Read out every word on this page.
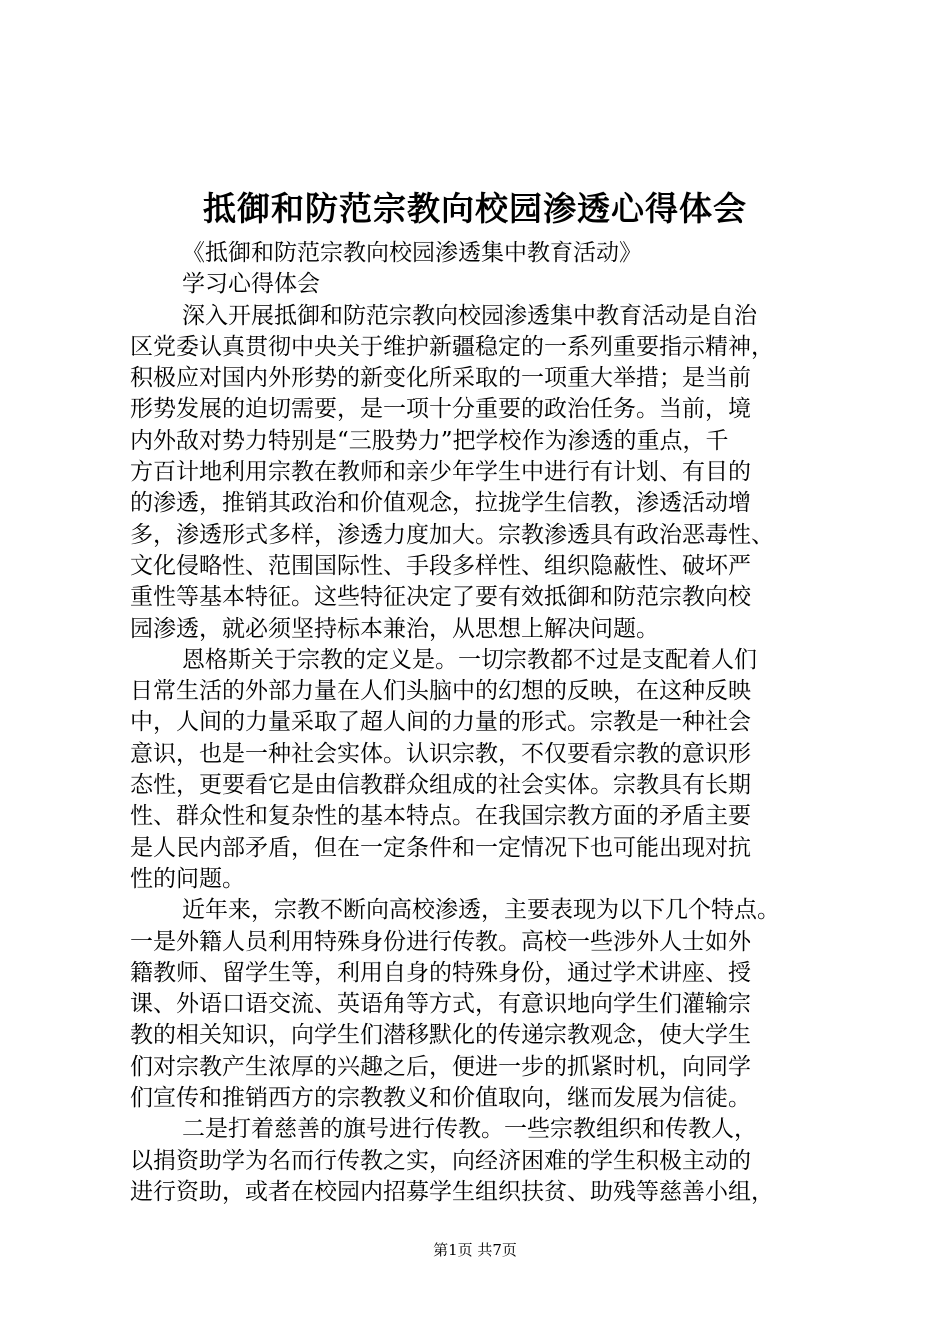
抵御和防范宗教向校园渗透心得体会
《抵御和防范宗教向校园渗透集中教育活动》
学习心得体会
深入开展抵御和防范宗教向校园渗透集中教育活动是自治
区党委认真贯彻中央关于维护新疆稳定的一系列重要指示精神，
积极应对国内外形势的新变化所采取的一项重大举措；是当前
形势发展的迫切需要，是一项十分重要的政治任务。当前，境
内外敌对势力特别是“三股势力”把学校作为渗透的重点，千
方百计地利用宗教在教师和亲少年学生中进行有计划、有目的
的渗透，推销其政治和价值观念，拉拢学生信教，渗透活动增
多，渗透形式多样，渗透力度加大。宗教渗透具有政治恶毒性、
文化侵略性、范围国际性、手段多样性、组织隐蔽性、破坏严
重性等基本特征。这些特征决定了要有效抵御和防范宗教向校
园渗透，就必须坚持标本兼治，从思想上解决问题。
恩格斯关于宗教的定义是。一切宗教都不过是支配着人们
日常生活的外部力量在人们头脑中的幻想的反映，在这种反映
中，人间的力量采取了超人间的力量的形式。宗教是一种社会
意识，也是一种社会实体。认识宗教，不仅要看宗教的意识形
态性，更要看它是由信教群众组成的社会实体。宗教具有长期
性、群众性和复杂性的基本特点。在我国宗教方面的矛盾主要
是人民内部矛盾，但在一定条件和一定情况下也可能出现对抗
性的问题。
近年来，宗教不断向高校渗透，主要表现为以下几个特点。
一是外籍人员利用特殊身份进行传教。高校一些涉外人士如外
籍教师、留学生等，利用自身的特殊身份，通过学术讲座、授
课、外语口语交流、英语角等方式，有意识地向学生们灌输宗
教的相关知识，向学生们潜移默化的传递宗教观念，使大学生
们对宗教产生浓厚的兴趣之后，便进一步的抓紧时机，向同学
们宣传和推销西方的宗教教义和价值取向，继而发展为信徒。
二是打着慈善的旗号进行传教。一些宗教组织和传教人，
以捐资助学为名而行传教之实，向经济困难的学生积极主动的
进行资助，或者在校园内招募学生组织扶贫、助残等慈善小组，
第1页 共7页
